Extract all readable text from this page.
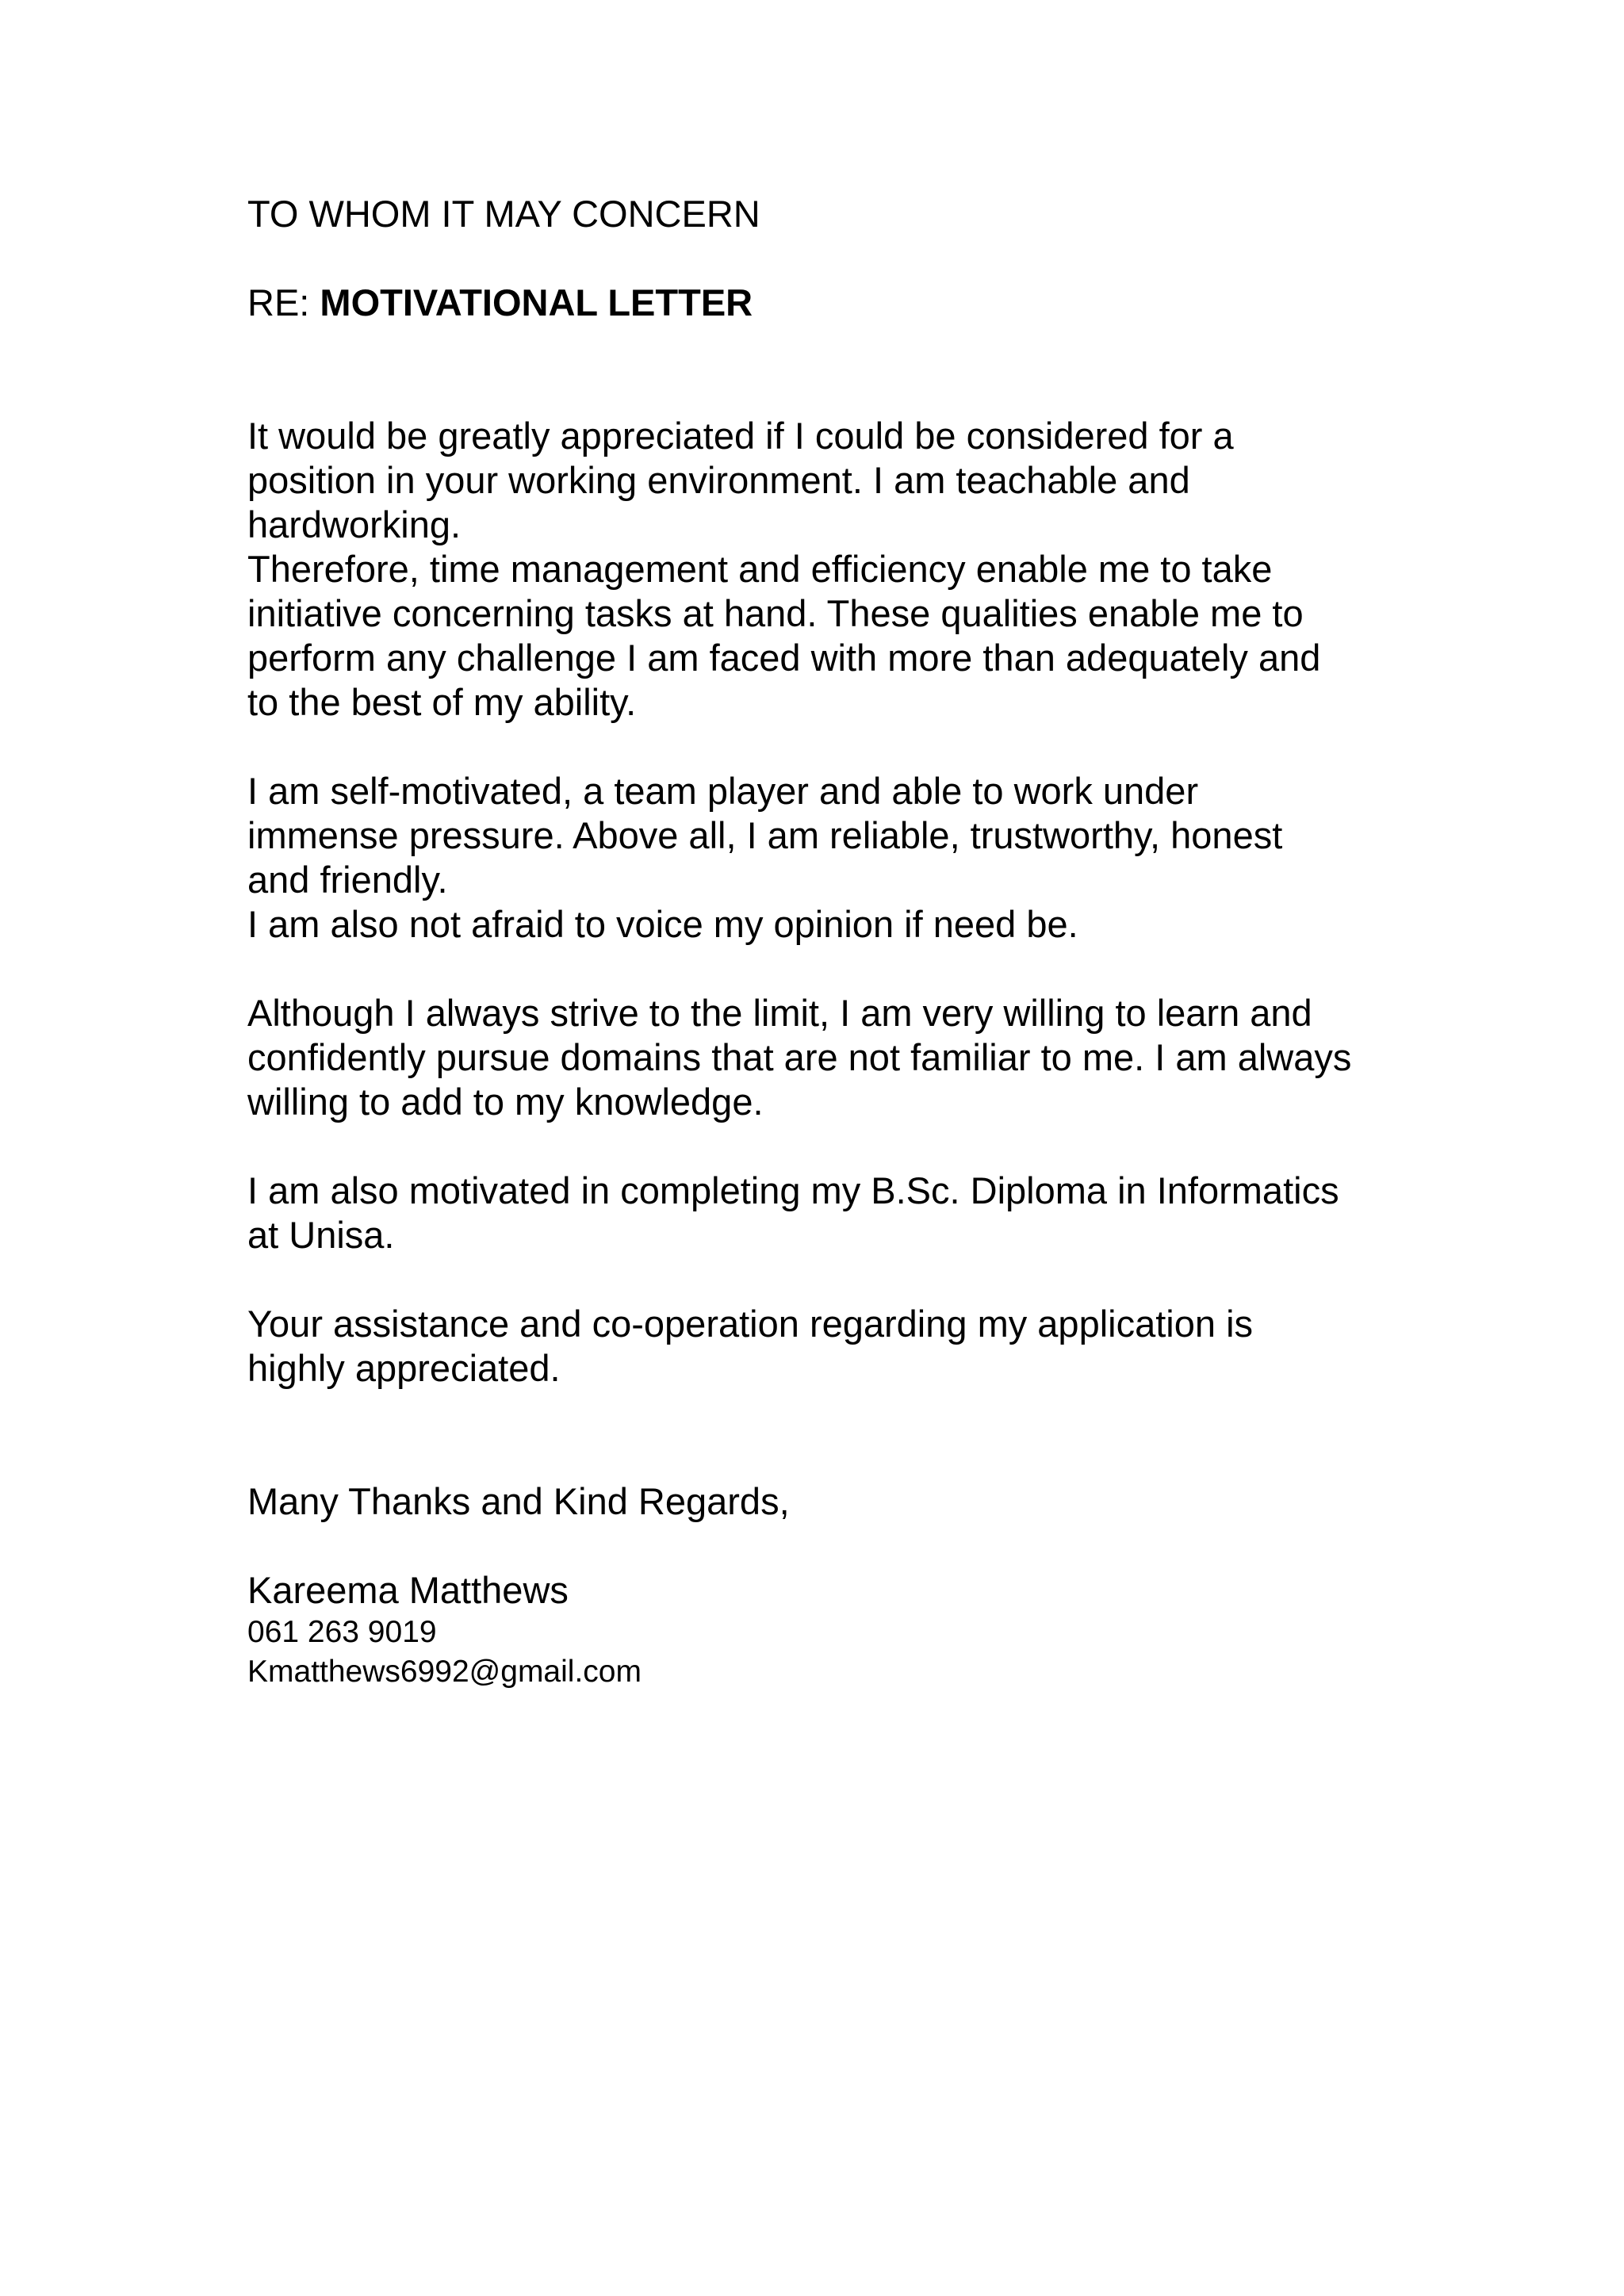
TO WHOM IT MAY CONCERN

RE: MOTIVATIONAL LETTER

It would be greatly appreciated if I could be considered for a
position in your working environment. I am teachable and
hardworking.
Therefore, time management and efficiency enable me to take
initiative concerning tasks at hand. These qualities enable me to
perform any challenge I am faced with more than adequately and
to the best of my ability.

I am self-motivated, a team player and able to work under
immense pressure. Above all, I am reliable, trustworthy, honest
and friendly.
I am also not afraid to voice my opinion if need be.

Although I always strive to the limit, I am very willing to learn and
confidently pursue domains that are not familiar to me. I am always
willing to add to my knowledge.

I am also motivated in completing my B.Sc. Diploma in Informatics
at Unisa.

Your assistance and co-operation regarding my application is
highly appreciated.

Many Thanks and Kind Regards,

Kareema Matthews

061 263 9019

Kmatthews6992@gmail.com
